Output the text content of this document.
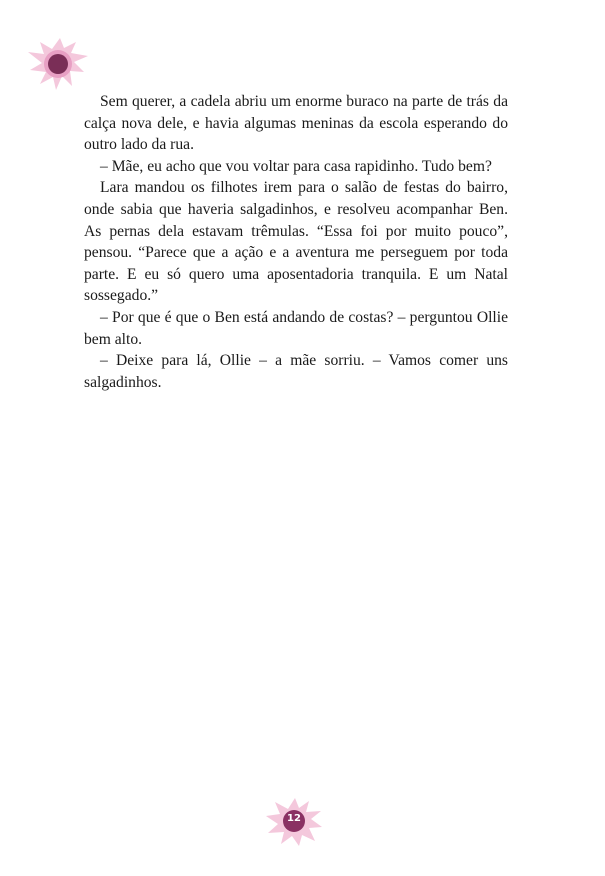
Sem querer, a cadela abriu um enorme buraco na parte de trás da calça nova dele, e havia algumas meninas da escola esperando do outro lado da rua.

– Mãe, eu acho que vou voltar para casa rapidinho. Tudo bem?

Lara mandou os filhotes irem para o salão de festas do bairro, onde sabia que haveria salgadinhos, e resolveu acompanhar Ben. As pernas dela estavam trêmulas. “Essa foi por muito pouco”, pensou. “Parece que a ação e a aventura me perseguem por toda parte. E eu só quero uma aposentadoria tranquila. E um Natal sossegado.”

– Por que é que o Ben está andando de costas? – perguntou Ollie bem alto.

– Deixe para lá, Ollie – a mãe sorriu. – Vamos comer uns salgadinhos.

12
